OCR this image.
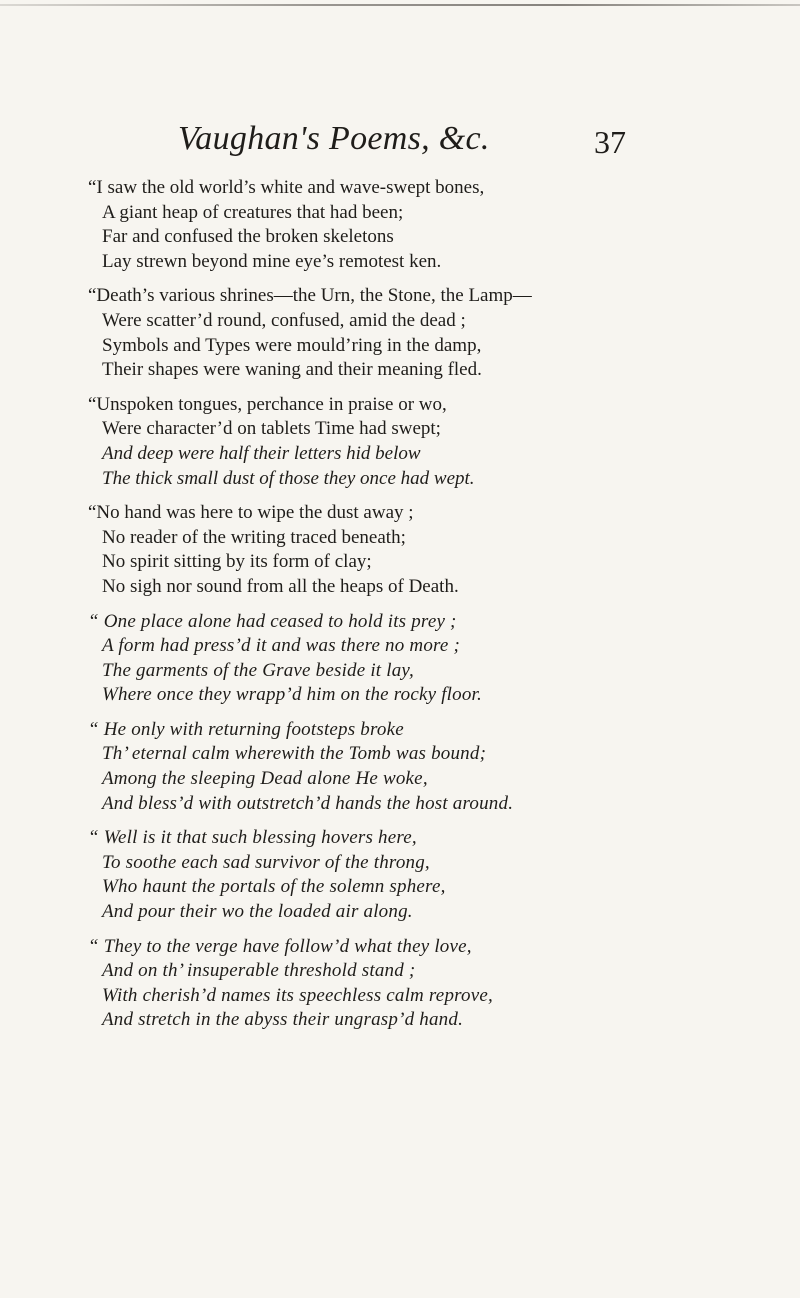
Vaughan's Poems, &c.	37
“I saw the old world’s white and wave-swept bones,
A giant heap of creatures that had been;
Far and confused the broken skeletons
Lay strewn beyond mine eye’s remotest ken.
“Death’s various shrines—the Urn, the Stone, the Lamp—
Were scatter’d round, confused, amid the dead ;
Symbols and Types were mould’ring in the damp,
Their shapes were waning and their meaning fled.
“Unspoken tongues, perchance in praise or wo,
Were character’d on tablets Time had swept;
And deep were half their letters hid below
The thick small dust of those they once had wept.
“No hand was here to wipe the dust away ;
No reader of the writing traced beneath;
No spirit sitting by its form of clay;
No sigh nor sound from all the heaps of Death.
“ One place alone had ceased to hold its prey ;
A form had press’d it and was there no more ;
The garments of the Grave beside it lay,
Where once they wrapp’d him on the rocky floor.
“ He only with returning footsteps broke
Th’ eternal calm wherewith the Tomb was bound;
Among the sleeping Dead alone He woke,
And bless’d with outstretch’d hands the host around.
“ Well is it that such blessing hovers here,
To soothe each sad survivor of the throng,
Who haunt the portals of the solemn sphere,
And pour their wo the loaded air along.
“ They to the verge have follow’d what they love,
And on th’ insuperable threshold stand ;
With cherish’d names its speechless calm reprove,
And stretch in the abyss their ungrasp’d hand.
